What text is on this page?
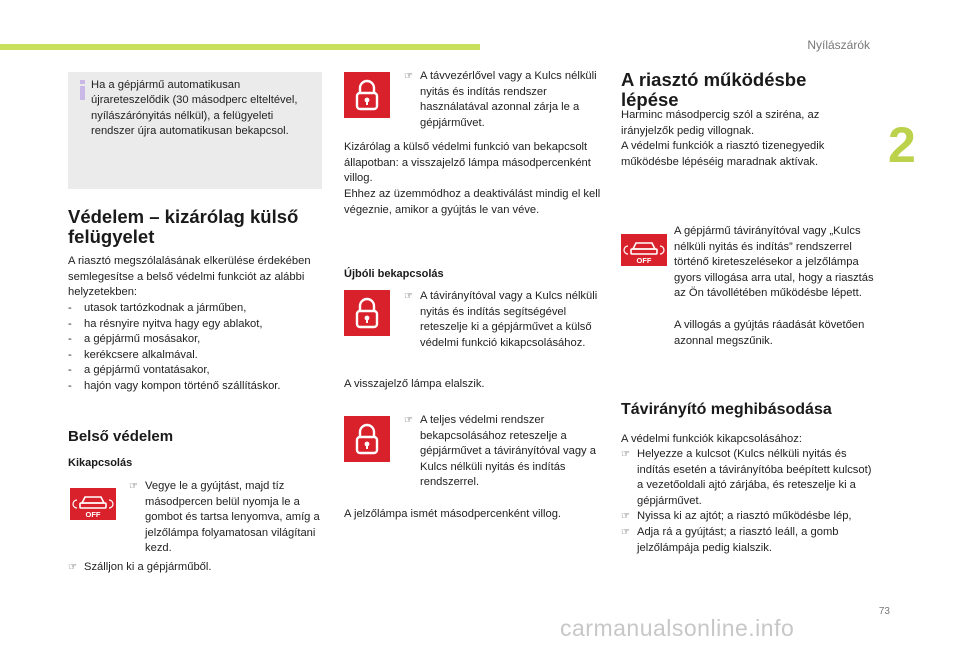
Nyílászárók
2
Ha a gépjármű automatikusan újrareteszelődik (30 másodperc elteltével, nyílászárónyitás nélkül), a felügyeleti rendszer újra automatikusan bekapcsol.
Védelem – kizárólag külső
felügyelet
A riasztó megszólalásának elkerülése érdekében semlegesítse a belső védelmi funkciót az alábbi helyzetekben:
- utasok tartózkodnak a járműben,
- ha résnyire nyitva hagy egy ablakot,
- a gépjármű mosásakor,
- kerékcsere alkalmával.
- a gépjármű vontatásakor,
- hajón vagy kompon történő szállításkor.
Belső védelem
Kikapcsolás
OFF
☞ Vegye le a gyújtást, majd tíz másodpercen belül nyomja le a gombot és tartsa lenyomva, amíg a jelzőlámpa folyamatosan világítani kezd.
☞ Szálljon ki a gépjárműből.
☞ A távvezérlővel vagy a Kulcs nélküli nyitás és indítás rendszer használatával azonnal zárja le a gépjárművet.
Kizárólag a külső védelmi funkció van bekapcsolt állapotban: a visszajelző lámpa másodpercenként villog.
Ehhez az üzemmódhoz a deaktiválást mindig el kell végeznie, amikor a gyújtás le van véve.
Újbóli bekapcsolás
☞ A távirányítóval vagy a Kulcs nélküli nyitás és indítás segítségével reteszelje ki a gépjárművet a külső védelmi funkció kikapcsolásához.
A visszajelző lámpa elalszik.
☞ A teljes védelmi rendszer bekapcsolásához reteszelje a gépjárművet a távirányítóval vagy a Kulcs nélküli nyitás és indítás rendszerrel.
A jelzőlámpa ismét másodpercenként villog.
A riasztó működésbe
lépése
Harminc másodpercig szól a sziréna, az irányjelzők pedig villognak.
A védelmi funkciók a riasztó tizenegyedik működésbe lépéséig maradnak aktívak.
OFF
A gépjármű távirányítóval vagy „Kulcs nélküli nyitás és indítás” rendszerrel történő kireteszelésekor a jelzőlámpa gyors villogása arra utal, hogy a riasztás az Ön távollétében működésbe lépett.
A villogás a gyújtás ráadását követően azonnal megszűnik.
Távirányító meghibásodása
A védelmi funkciók kikapcsolásához:
☞ Helyezze a kulcsot (Kulcs nélküli nyitás és indítás esetén a távirányítóba beépített kulcsot) a vezetőoldali ajtó zárjába, és reteszelje ki a gépjárművet.
☞ Nyissa ki az ajtót; a riasztó működésbe lép,
☞ Adja rá a gyújtást; a riasztó leáll, a gomb jelzőlámpája pedig kialszik.
73
carmanualsonline.info
